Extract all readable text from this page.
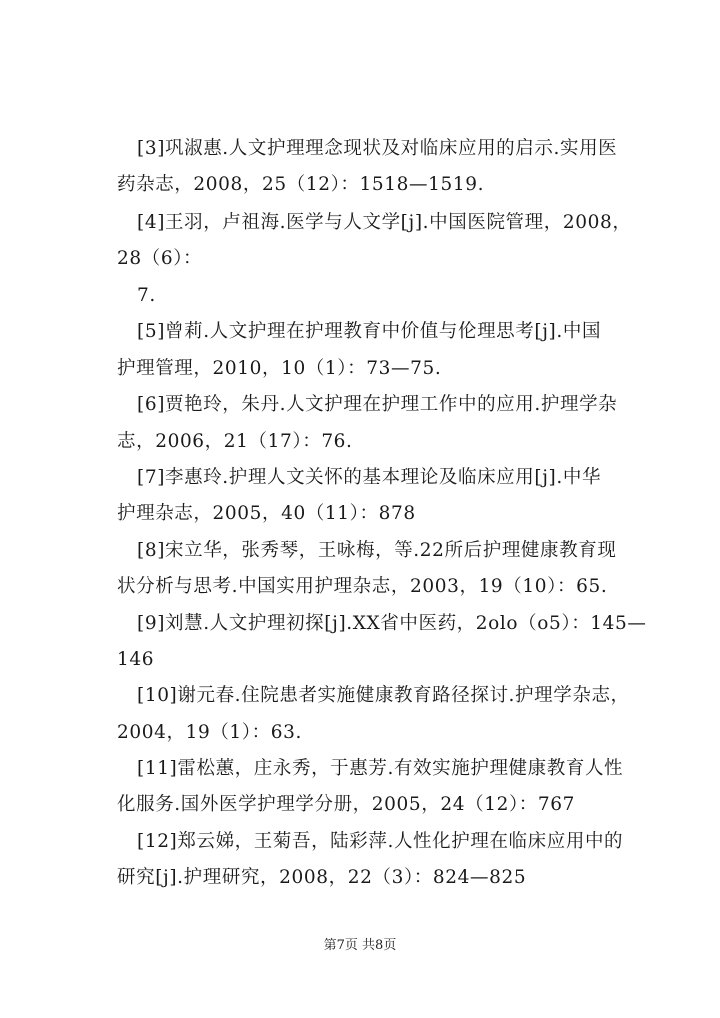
[3]巩淑惠.人文护理理念现状及对临床应用的启示.实用医
药杂志，2008，25（12）：1518—1519.
[4]王羽，卢祖海.医学与人文学[j].中国医院管理，2008，
28（6）：
7.
[5]曾莉.人文护理在护理教育中价值与伦理思考[j].中国
护理管理，2010，10（1）：73—75.
[6]贾艳玲，朱丹.人文护理在护理工作中的应用.护理学杂
志，2006，21（17）：76.
[7]李惠玲.护理人文关怀的基本理论及临床应用[j].中华
护理杂志，2005，40（11）：878
[8]宋立华，张秀琴，王咏梅，等.22所后护理健康教育现
状分析与思考.中国实用护理杂志，2003，19（10）：65.
[9]刘慧.人文护理初探[j].XX省中医药，2olo（o5）：145—
146
[10]谢元春.住院患者实施健康教育路径探讨.护理学杂志，
2004，19（1）：63.
[11]雷松蕙，庄永秀，于惠芳.有效实施护理健康教育人性
化服务.国外医学护理学分册，2005，24（12）：767
[12]郑云娣，王菊吾，陆彩萍.人性化护理在临床应用中的
研究[j].护理研究，2008，22（3）：824—825
第7页 共8页
